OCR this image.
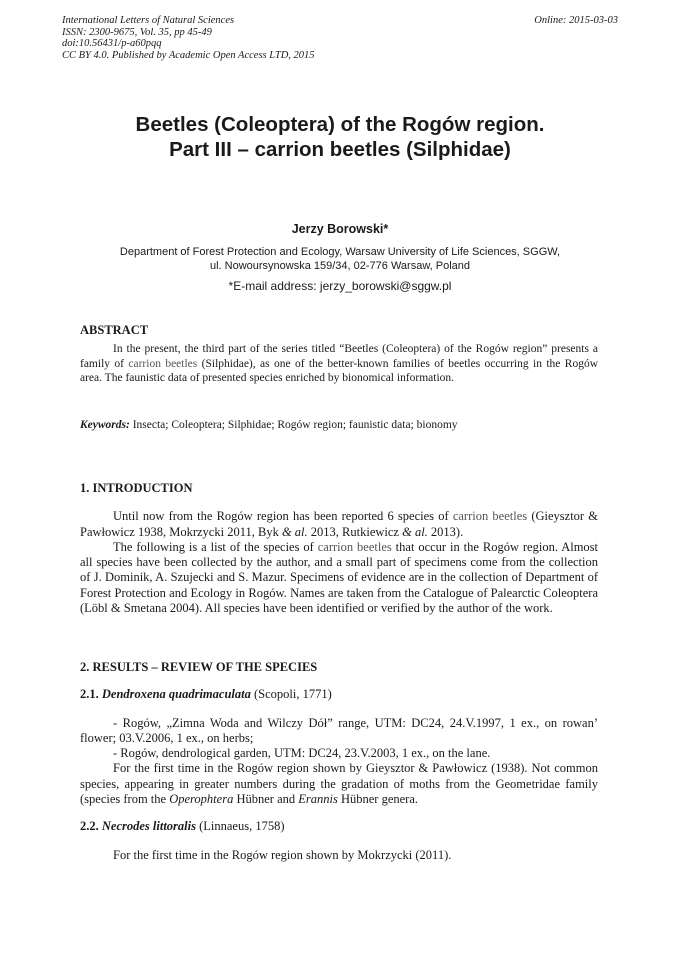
International Letters of Natural Sciences	Online: 2015-03-03
ISSN: 2300-9675, Vol. 35, pp 45-49
doi:10.56431/p-a60pqq
CC BY 4.0. Published by Academic Open Access LTD, 2015
Beetles (Coleoptera) of the Rogów region.
Part III – carrion beetles (Silphidae)
Jerzy Borowski*
Department of Forest Protection and Ecology, Warsaw University of Life Sciences, SGGW,
ul. Nowoursynowska 159/34, 02-776 Warsaw, Poland
*E-mail address: jerzy_borowski@sggw.pl
ABSTRACT

In the present, the third part of the series titled “Beetles (Coleoptera) of the Rogów region” presents a family of carrion beetles (Silphidae), as one of the better-known families of beetles occurring in the Rogów area. The faunistic data of presented species enriched by bionomical information.

Keywords: Insecta; Coleoptera; Silphidae; Rogów region; faunistic data; bionomy
1. INTRODUCTION

Until now from the Rogów region has been reported 6 species of carrion beetles (Gieysztor & Pawłowicz 1938, Mokrzycki 2011, Byk & al. 2013, Rutkiewicz & al. 2013).

The following is a list of the species of carrion beetles that occur in the Rogów region. Almost all species have been collected by the author, and a small part of specimens come from the collection of J. Dominik, A. Szujecki and S. Mazur. Specimens of evidence are in the collection of Department of Forest Protection and Ecology in Rogów. Names are taken from the Catalogue of Palearctic Coleoptera (Löbl & Smetana 2004). All species have been identified or verified by the author of the work.

2. RESULTS – REVIEW OF THE SPECIES
2.1. Dendroxena quadrimaculata (Scopoli, 1771)

- Rogów, „Zimna Woda and Wilczy Dół” range, UTM: DC24, 24.V.1997, 1 ex., on rowan’ flower; 03.V.2006, 1 ex., on herbs;

- Rogów, dendrological garden, UTM: DC24, 23.V.2003, 1 ex., on the lane.

For the first time in the Rogów region shown by Gieysztor & Pawłowicz (1938). Not common species, appearing in greater numbers during the gradation of moths from the Geometridae family (species from the Operophtera Hübner and Erannis Hübner genera.

2.2. Necrodes littoralis (Linnaeus, 1758)

For the first time in the Rogów region shown by Mokrzycki (2011).
